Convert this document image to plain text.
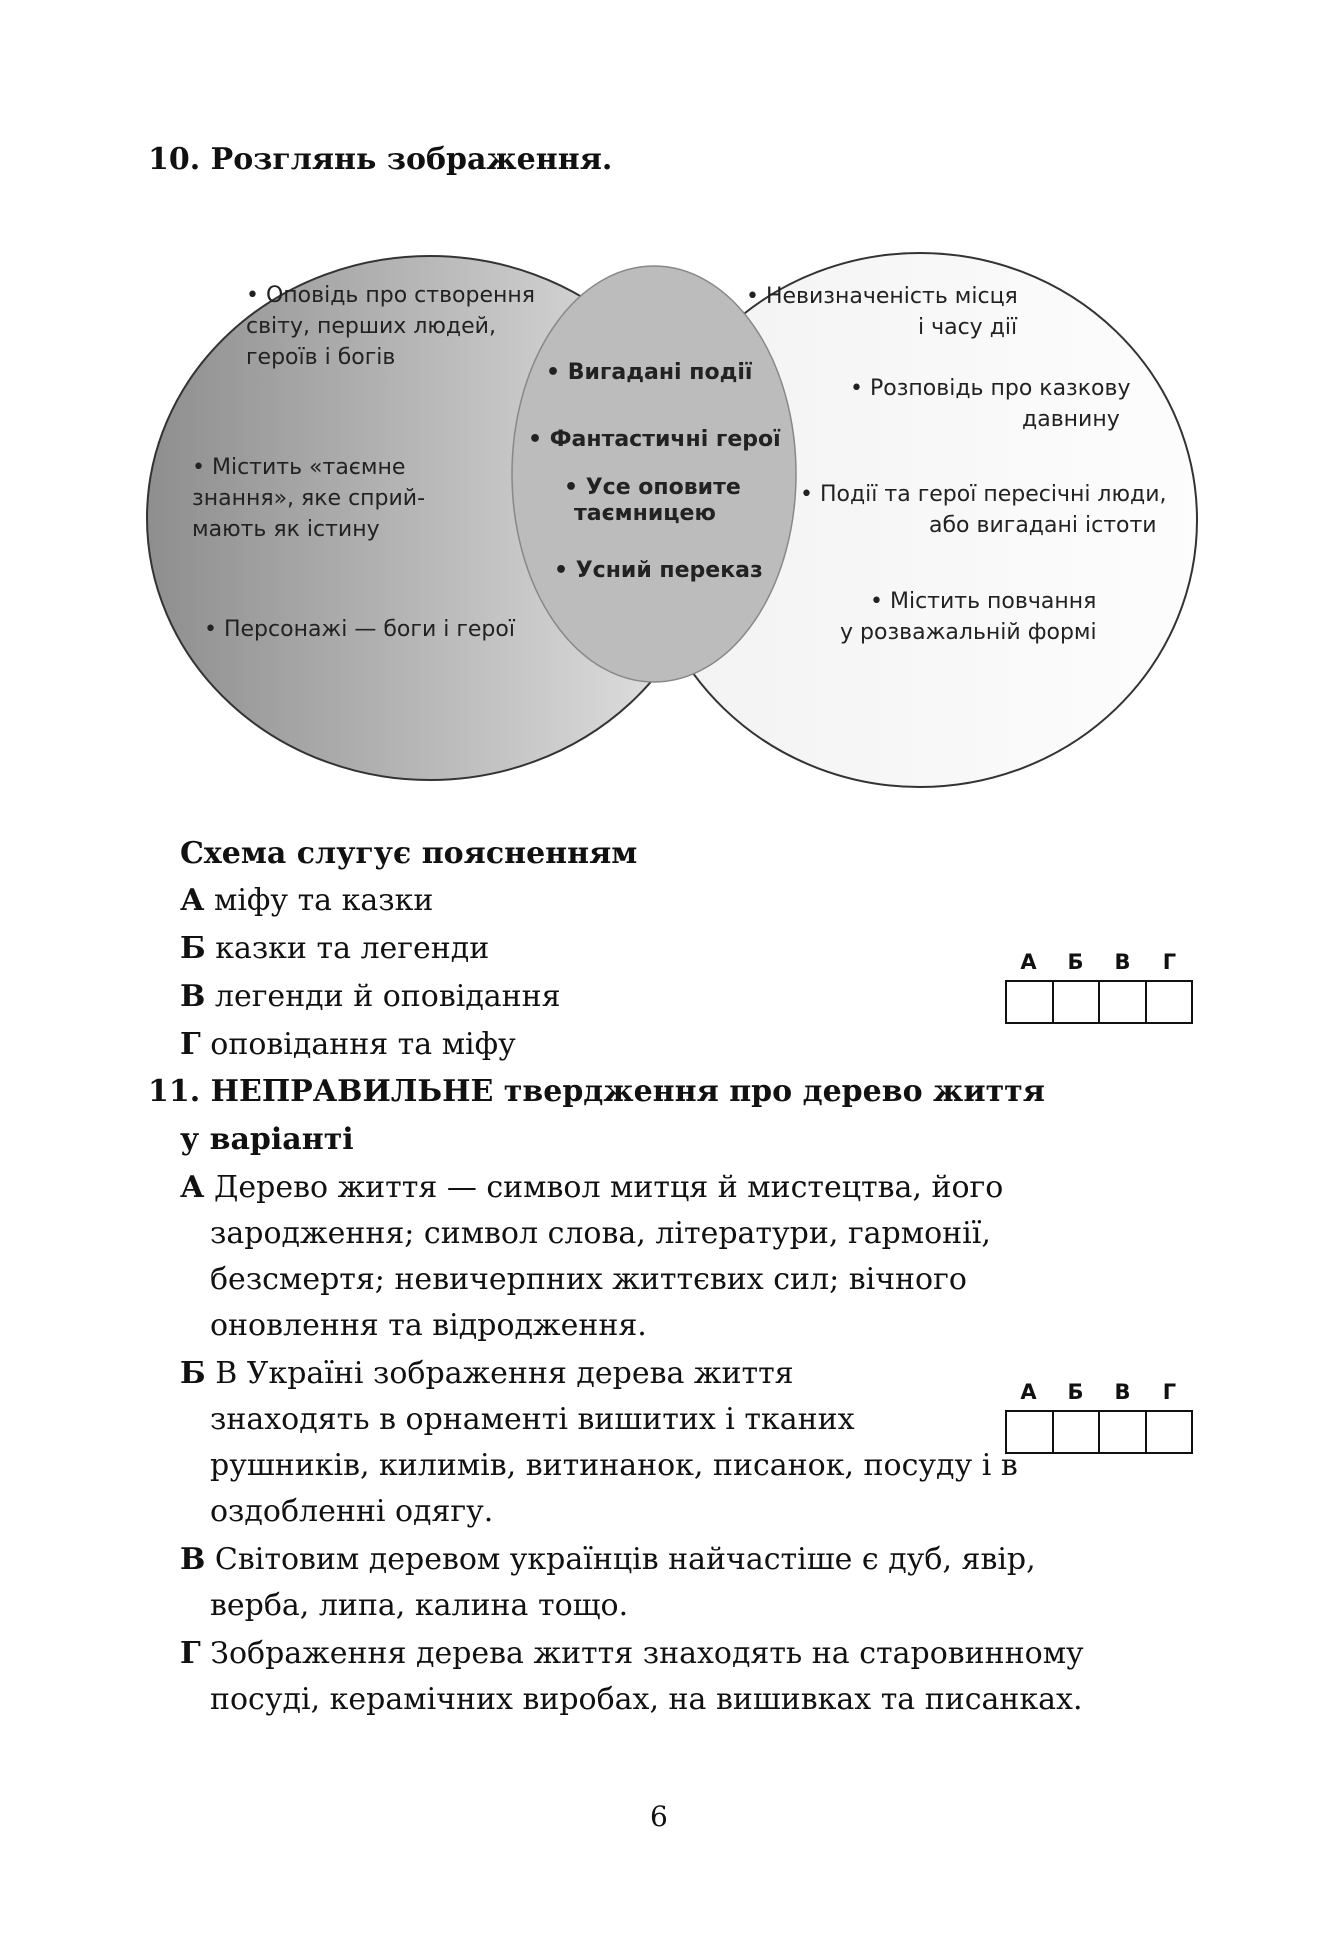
10. Розглянь зображення.
• Оповідь про створення
світу, перших людей,
героїв і богів
• Містить «таємне
знання», яке сприй-
мають як істину
• Персонажі — боги і герої
• Вигадані події
• Фантастичні герої
• Усе оповите
таємницею
• Усний переказ
• Невизначеність місця
і часу дії
• Розповідь про казкову
давнину
• Події та герої пересічні люди,
або вигадані істоти
• Містить повчання
у розважальній формі
Схема слугує поясненням
А міфу та казки
Б казки та легенди
В легенди й оповідання
Г оповідання та міфу
А	Б	В	Г
11. НЕПРАВИЛЬНЕ твердження про дерево життя
у варіанті
А Дерево життя — символ митця й мистецтва, його
зародження; символ слова, літератури, гармонії,
безсмертя; невичерпних життєвих сил; вічного
оновлення та відродження.
Б В Україні зображення дерева життя
знаходять в орнаменті вишитих і тканих
рушників, килимів, витинанок, писанок, посуду і в
оздобленні одягу.
А	Б	В	Г
В Світовим деревом українців найчастіше є дуб, явір,
верба, липа, калина тощо.
Г Зображення дерева життя знаходять на старовинному
посуді, керамічних виробах, на вишивках та писанках.
6
